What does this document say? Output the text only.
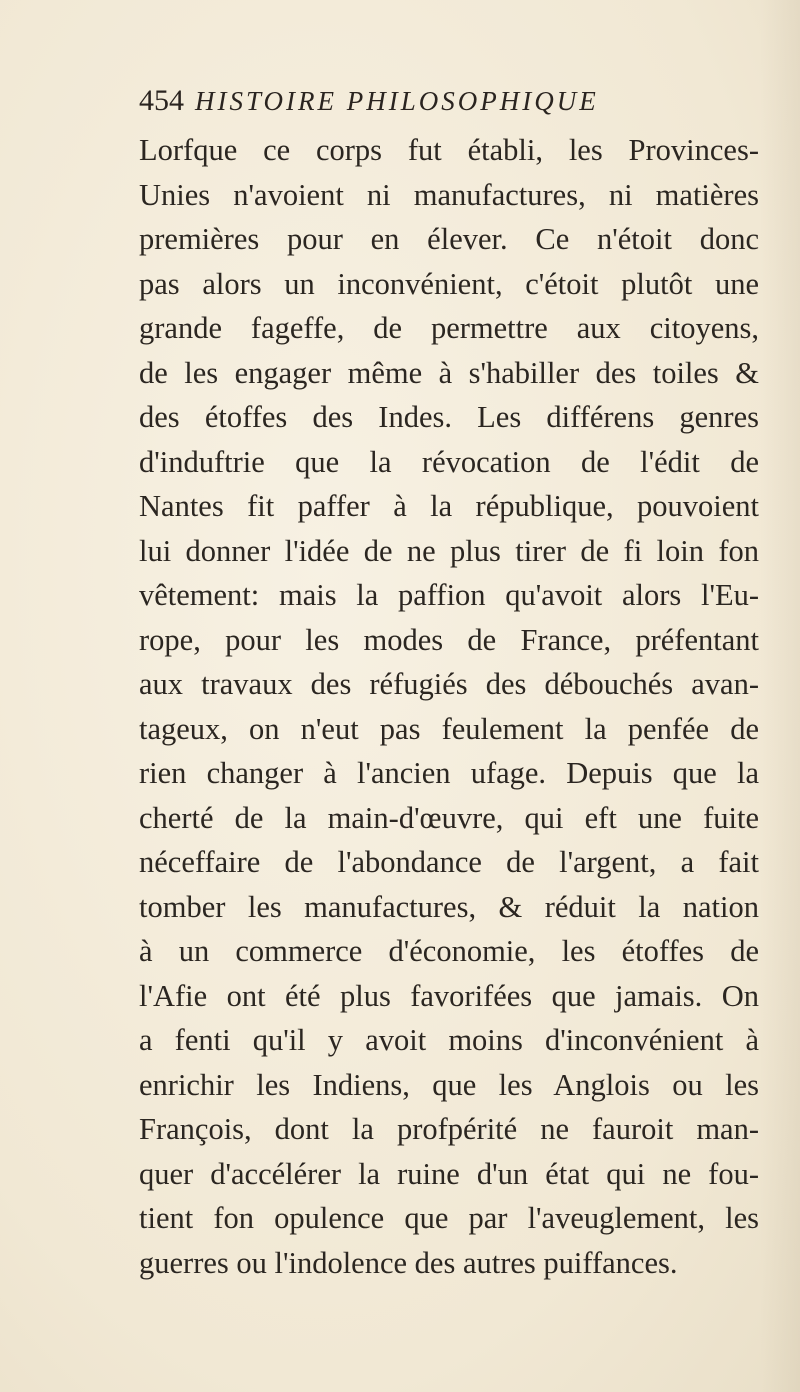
454 HISTOIRE PHILOSOPHIQUE
Lorfque ce corps fut établi, les Provinces-
Unies n'avoient ni manufactures, ni matières
premières pour en élever. Ce n'étoit donc
pas alors un inconvénient, c'étoit plutôt une
grande fageffe, de permettre aux citoyens,
de les engager même à s'habiller des toiles &
des étoffes des Indes. Les différens genres
d'induftrie que la révocation de l'édit de
Nantes fit paffer à la république, pouvoient
lui donner l'idée de ne plus tirer de fi loin fon
vêtement: mais la paffion qu'avoit alors l'Eu-
rope, pour les modes de France, préfentant
aux travaux des réfugiés des débouchés avan-
tageux, on n'eut pas feulement la penfée de
rien changer à l'ancien ufage. Depuis que la
cherté de la main-d'œuvre, qui eft une fuite
néceffaire de l'abondance de l'argent, a fait
tomber les manufactures, & réduit la nation
à un commerce d'économie, les étoffes de
l'Afie ont été plus favorifées que jamais. On
a fenti qu'il y avoit moins d'inconvénient à
enrichir les Indiens, que les Anglois ou les
François, dont la profpérité ne fauroit man-
quer d'accélérer la ruine d'un état qui ne fou-
tient fon opulence que par l'aveuglement, les
guerres ou l'indolence des autres puiffances.
